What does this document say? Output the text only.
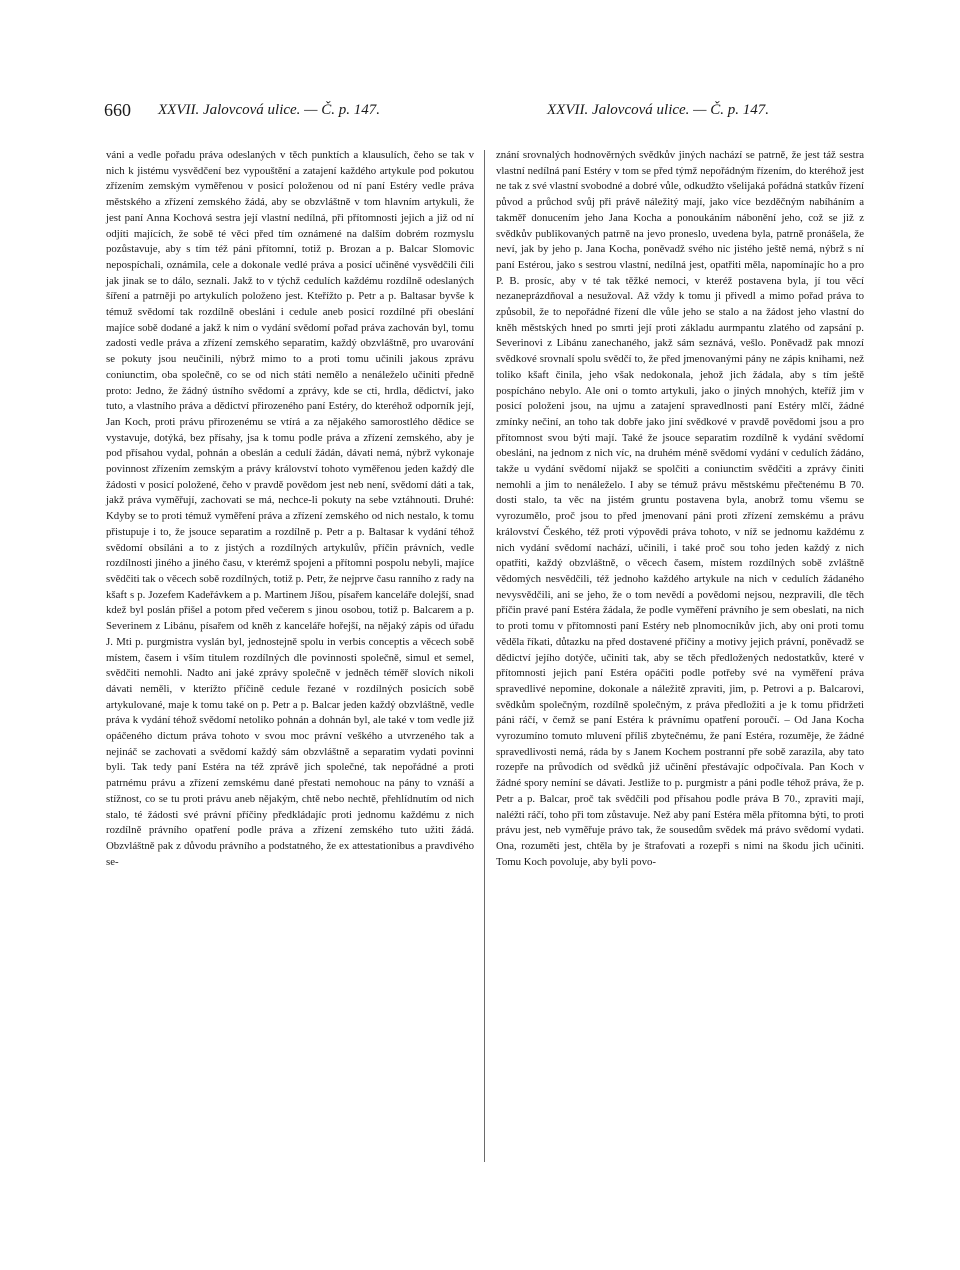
660 XXVII. Jalovcová ulice. — Č. p. 147.	XXVII. Jalovcová ulice. — Č. p. 147.

váni a vedle pořadu práva odeslaných v těch punktích a klausulích, čeho se tak v nich k jistému vysvědčení bez vypouštění a zatajení každého artykule pod pokutou zřízením zemským vyměřenou v posicí položenou od ní paní Estéry vedle práva městského a zřízení zemského žádá, aby se obzvláštně v tom hlavním artykuli, že jest paní Anna Kochová sestra její vlastní nedílná, při přítomnosti jejich a již od ní odjíti majících, že sobě té věci před tím oznámené na dalším dobrém rozmyslu pozůstavuje, aby s tím též páni přítomní, totiž p. Brozan a p. Balcar Slomovic nepospíchali, oznámila, cele a dokonale vedlé práva a posicí učiněné vysvědčili čili jak jinak se to dálo, seznali. Jakž to v týchž cedulích každému rozdílně odeslaných šíření a patrněji po artykulích položeno jest. Kteřížto p. Petr a p. Baltasar byvše k témuž svědomí tak rozdílně obesláni i cedule aneb posicí rozdílné při obeslání majíce sobě dodané a jakž k nim o vydání svědomí pořad práva zachován byl, tomu zadosti vedle práva a zřízení zemského separatim, každý obzvláštně, pro uvarování se pokuty jsou neučinili, nýbrž mimo to a proti tomu učinili jakous zprávu coniunctim, oba společně, co se od nich státi nemělo a nenáleželo učiniti předně proto: Jedno, že žádný ústního svědomí a zprávy, kde se cti, hrdla, dědictví, jako tuto, a vlastního práva a dědictví přirozeného paní Estéry, do kteréhož odporník její, Jan Koch, proti právu přirozenému se vtírá a za nějakého samorostlého dědice se vystavuje, dotýká, bez přísahy, jsa k tomu podle práva a zřízení zemského, aby je pod přísahou vydal, pohnán a obeslán a cedulí žádán, dávati nemá, nýbrž vykonaje povinnost zřízením zemským a právy království tohoto vyměřenou jeden každý dle žádosti v posicí položené, čeho v pravdě povědom jest neb není, svědomí dáti a tak, jakž práva vyměřují, zachovati se má, nechce-li pokuty na sebe vztáhnouti. Druhé: Kdyby se to proti témuž vyměření práva a zřízení zemského od nich nestalo, k tomu přistupuje i to, že jsouce separatim a rozdílně p. Petr a p. Baltasar k vydání téhož svědomí obsíláni a to z jistých a rozdílných artykulův, příčin právních, vedle rozdílnosti jiného a jiného času, v kterémž spojeni a přítomni pospolu nebyli, majíce svědčiti tak o věcech sobě rozdílných, totiž p. Petr, že nejprve času ranního z rady na kšaft s p. Jozefem Kadeřávkem a p. Martinem Jíšou, písařem kanceláře dolejší, snad kdež byl poslán přišel a potom před večerem s jinou osobou, totiž p. Balcarem a p. Severinem z Libánu, písařem od kněh z kanceláře hořejší, na nějaký zápis od úřadu J. Mti p. purgmistra vyslán byl, jednostejně spolu in verbis conceptis a věcech sobě místem, časem i vším titulem rozdílných dle povinnosti společně, simul et semel, svědčiti nemohli. Nadto ani jaké zprávy společně v jedněch téměř slovích nikoli dávati neměli, v kterížto příčině cedule řezané v rozdílných posicích sobě artykulované, maje k tomu také on p. Petr a p. Balcar jeden každý obzvláštně, vedle práva k vydání téhož svědomí netoliko pohnán a dohnán byl, ale také v tom vedle již opáčeného dictum práva tohoto v svou moc právní veškého a utvrzeného tak a nejináč se zachovati a svědomí každý sám obzvláštně a separatim vydati povinni byli. Tak tedy paní Estéra na též zprávě jich společné, tak nepořádné a proti patrnému právu a zřízení zemskému dané přestati nemohouc na pány to vznáší a stížnost, co se tu proti právu aneb nějakým, chtě nebo nechtě, přehlídnutím od nich stalo, té žádosti své právní příčiny předkládajíc proti jednomu každému z nich rozdílně právního opatření podle práva a zřízení zemského tuto užiti žádá. Obzvláštně pak z důvodu právního a podstatného, že ex attestationibus a pravdivého se-

znání srovnalých hodnověrných svědkův jiných nachází se patrně, že jest táž sestra vlastní nedílná paní Estéry v tom se před týmž nepořádným řízením, do kteréhož jest ne tak z své vlastní svobodné a dobré vůle, odkudžto všelijaká pořádná statkův řízení původ a průchod svůj při právě náležitý mají, jako více bezděčným nabíháním a takměř donucením jeho Jana Kocha a ponoukáním nábonění jeho, což se již z svědkův publikovaných patrně na jevo proneslo, uvedena byla, patrně pronášela, že neví, jak by jeho p. Jana Kocha, poněvadž svého nic jistého ještě nemá, nýbrž s ní paní Estérou, jako s sestrou vlastní, nedílná jest, opatřiti měla, napomínajíc ho a pro P. B. prosíc, aby v té tak těžké nemoci, v kteréž postavena byla, jí tou věcí nezaneprázdňoval a nesužoval. Až vždy k tomu ji přivedl a mimo pořad práva to způsobil, že to nepořádné řízení dle vůle jeho se stalo a na žádost jeho vlastní do kněh městských hned po smrti její proti základu aurmpantu zlatého od zapsání p. Severinovi z Libánu zanechaného, jakž sám seznává, vešlo. Poněvadž pak mnozí svědkové srovnalí spolu svědčí to, že před jmenovanými pány ne zápis knihami, než toliko kšaft činila, jeho však nedokonala, jehož jich žádala, aby s tím ještě pospícháno nebylo. Ale oni o tomto artykuli, jako o jiných mnohých, kteříž jim v posicí položeni jsou, na ujmu a zatajení spravedlnosti paní Estéry mlčí, žádné zmínky nečiní, an toho tak dobře jako jiní svědkové v pravdě povědomi jsou a pro přítomnost svou býti mají. Také že jsouce separatim rozdílně k vydání svědomí obesláni, na jednom z nich víc, na druhém méně svědomí vydání v cedulích žádáno, takže u vydání svědomí nijakž se spolčiti a coniunctim svědčiti a zprávy činiti nemohli a jim to nenáleželo. I aby se témuž právu městskému přečtenému B 70. dosti stalo, ta věc na jistém gruntu postavena byla, anobrž tomu všemu se vyrozumělo, proč jsou to před jmenovaní páni proti zřízení zemskému a právu království Českého, též proti výpovědi práva tohoto, v níž se jednomu každému z nich vydání svědomí nachází, učinili, i také proč sou toho jeden každý z nich opatřiti, každý obzvláštně, o věcech časem, místem rozdílných sobě zvláštně vědomých nesvědčili, též jednoho každého artykule na nich v cedulích žádaného nevysvědčili, ani se jeho, že o tom nevědí a povědomi nejsou, nezpravili, dle těch příčin pravé paní Estéra žádala, že podle vyměření právního je sem obeslati, na nich to proti tomu v přítomnosti paní Estéry neb plnomocníkův jich, aby oni proti tomu věděla říkati, důtazku na před dostavené příčiny a motivy jejich právní, poněvadž se dědictví jejího dotýče, učiniti tak, aby se těch předložených nedostatkův, které v přítomnosti jejich paní Estéra opáčiti podle potřeby své na vyměření práva spravedlivé nepomine, dokonale a náležitě zpraviti, jim, p. Petrovi a p. Balcarovi, svědkům společným, rozdílně společným, z práva předložiti a je k tomu přidržeti páni ráčí, v čemž se paní Estéra k právnímu opatření poroučí. – Od Jana Kocha vyrozumíno tomuto mluvení příliš zbytečnému, že paní Estéra, rozuměje, že žádné spravedlivosti nemá, ráda by s Janem Kochem postranní pře sobě zarazila, aby tato rozepře na průvodích od svědků již učinění přestávajíc odpočívala. Pan Koch v žádné spory nemíní se dávati. Jestliže to p. purgmistr a páni podle téhož práva, že p. Petr a p. Balcar, proč tak svědčili pod přísahou podle práva B 70., zpraviti mají, naléžti ráčí, toho při tom zůstavuje. Než aby paní Estéra měla přítomna býti, to proti právu jest, neb vyměřuje právo tak, že sousedům svědek má právo svědomí vydati. Ona, rozuměti jest, chtěla by je štrafovati a rozepři s nimi na škodu jich učiniti. Tomu Koch povoluje, aby byli povo-
